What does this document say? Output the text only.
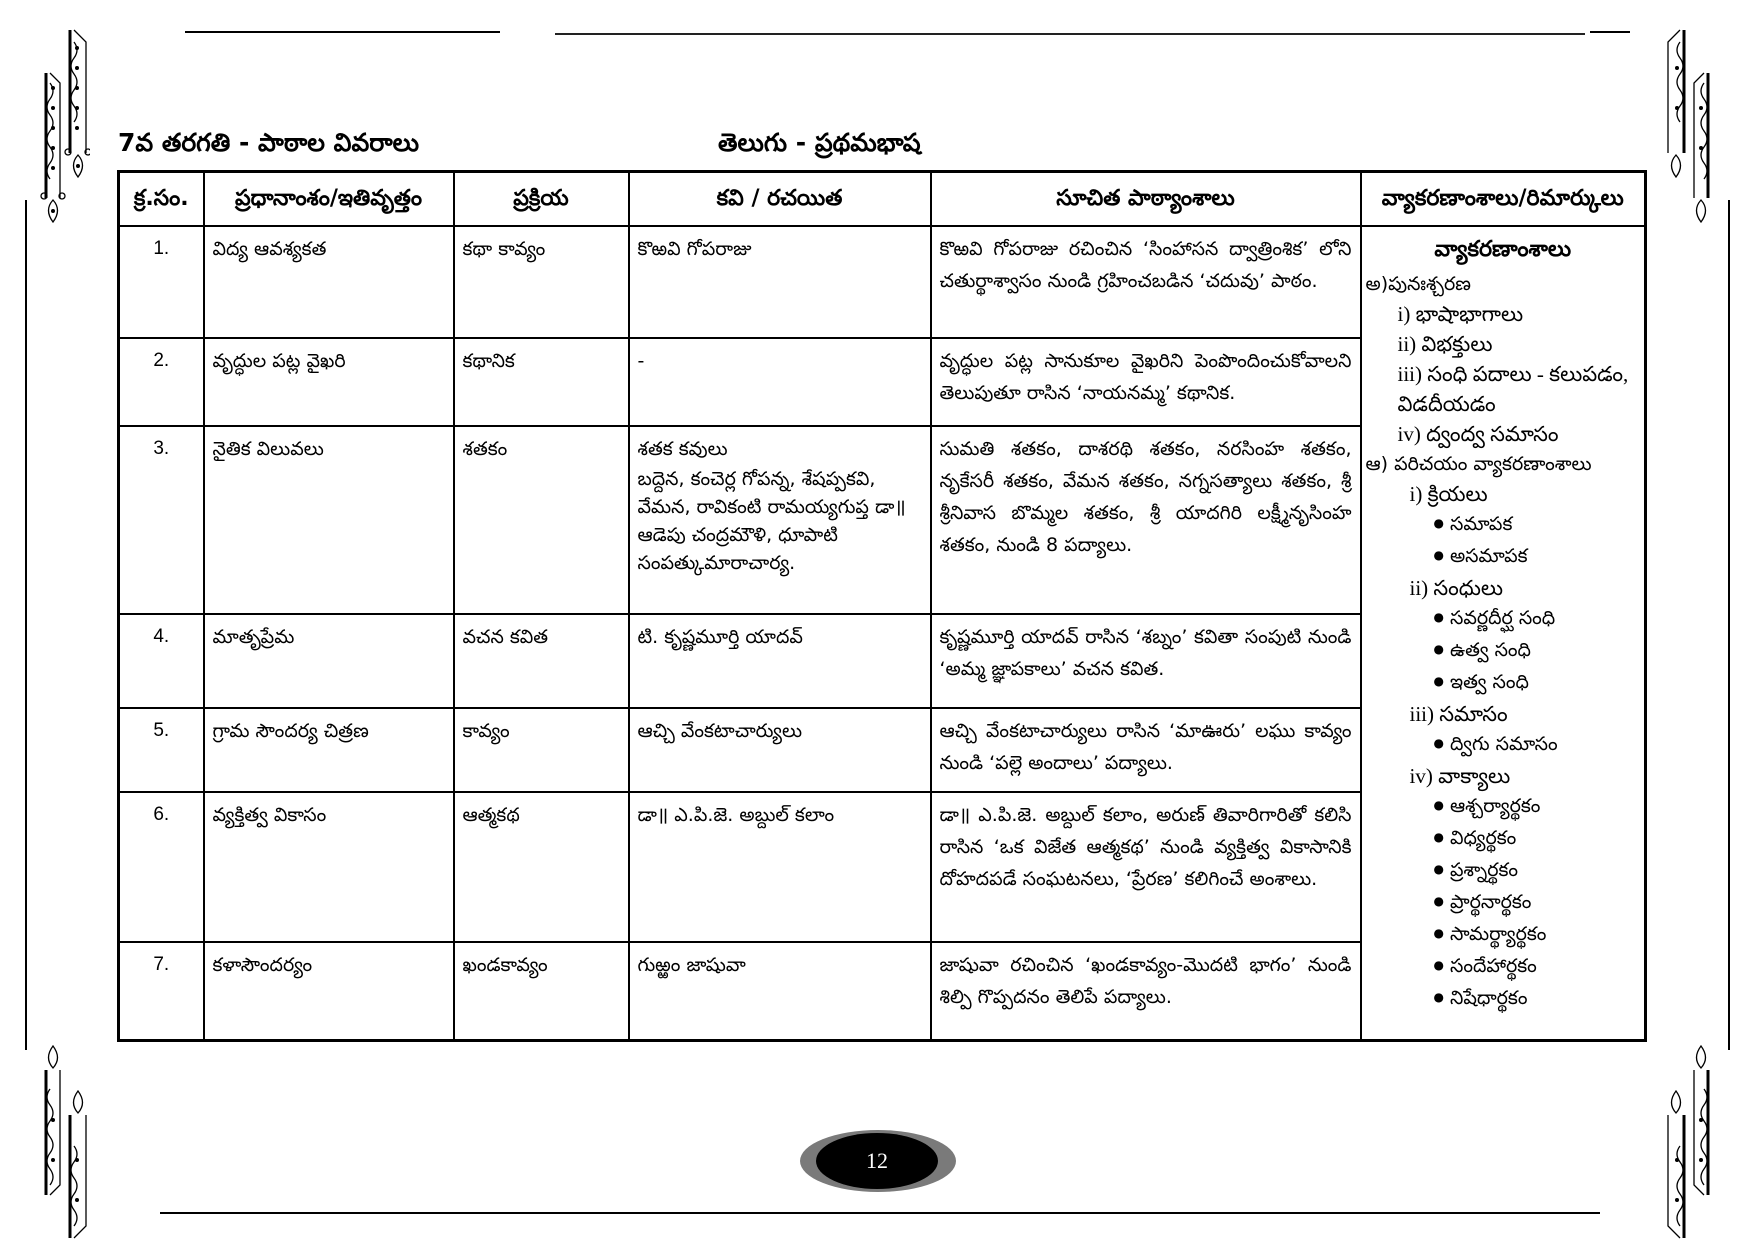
7వ తరగతి - పాఠాల వివరాలు	తెలుగు - ప్రథమభాష
క్ర.సం.	ప్రధానాంశం/ఇతివృత్తం	ప్రక్రియ	కవి / రచయిత	సూచిత పాఠ్యాంశాలు	వ్యాకరణాంశాలు/రిమార్కులు
1.	విద్య ఆవశ్యకత	కథా కావ్యం	కొఱవి గోపరాజు	కొఱవి గోపరాజు రచించిన ‘సింహాసన ద్వాత్రింశిక’ లోని చతుర్థాశ్వాసం నుండి గ్రహించబడిన ‘చదువు’ పాఠం.	
వ్యాకరణాంశాలు
అ)పునఃశ్చరణ
i) భాషాభాగాలు
ii) విభక్తులు
iii) సంధి పదాలు - కలుపడం, విడదీయడం
iv) ద్వంద్వ సమాసం
ఆ) పరిచయం వ్యాకరణాంశాలు
i) క్రియలు
● సమాపక
● అసమాపక
ii) సంధులు
● సవర్ణదీర్ఘ సంధి
● ఉత్వ సంధి
● ఇత్వ సంధి
iii) సమాసం
● ద్విగు సమాసం
iv) వాక్యాలు
● ఆశ్చర్యార్థకం
● విధ్యర్థకం
● ప్రశ్నార్థకం
● ప్రార్థనార్థకం
● సామర్థ్యార్థకం
● సందేహార్థకం
● నిషేధార్థకం

2.	వృద్ధుల పట్ల వైఖరి	కథానిక	-	వృద్ధుల పట్ల సానుకూల వైఖరిని పెంపొందించుకోవాలని తెలుపుతూ రాసిన ‘నాయనమ్మ’ కథానిక.	
3.	నైతిక విలువలు	శతకం	శతక కవులు
బద్దెన, కంచెర్ల గోపన్న, శేషప్పకవి, వేమన, రావికంటి రామయ్యగుప్త డా॥ ఆడెపు చంద్రమౌళి, ధూపాటి సంపత్కుమారాచార్య.	సుమతి శతకం, దాశరథి శతకం, నరసింహ శతకం, నృకేసరీ శతకం, వేమన శతకం, నగ్నసత్యాలు శతకం, శ్రీ శ్రీనివాస బొమ్మల శతకం, శ్రీ యాదగిరి లక్ష్మీనృసింహ శతకం, నుండి 8 పద్యాలు.	
4.	మాతృప్రేమ	వచన కవిత	టి. కృష్ణమూర్తి యాదవ్	కృష్ణమూర్తి యాదవ్ రాసిన ‘శబ్నం’ కవితా సంపుటి నుండి ‘అమ్మ జ్ఞాపకాలు’ వచన కవిత.	
5.	గ్రామ సౌందర్య చిత్రణ	కావ్యం	ఆచ్చి వేంకటాచార్యులు	ఆచ్చి వేంకటాచార్యులు రాసిన ‘మాఊరు’ లఘు కావ్యం నుండి ‘పల్లె అందాలు’ పద్యాలు.	
6.	వ్యక్తిత్వ వికాసం	ఆత్మకథ	డా॥ ఎ.పి.జె. అబ్దుల్ కలాం	డా॥ ఎ.పి.జె. అబ్దుల్ కలాం, అరుణ్ తివారిగారితో కలిసి రాసిన ‘ఒక విజేత ఆత్మకథ’ నుండి వ్యక్తిత్వ వికాసానికి దోహదపడే సంఘటనలు, ‘ప్రేరణ’ కలిగించే అంశాలు.	
7.	కళాసౌందర్యం	ఖండకావ్యం	గుఱ్ఱం జాషువా	జాషువా రచించిన ‘ఖండకావ్యం-మొదటి భాగం’ నుండి శిల్పి గొప్పదనం తెలిపే పద్యాలు.	
12
